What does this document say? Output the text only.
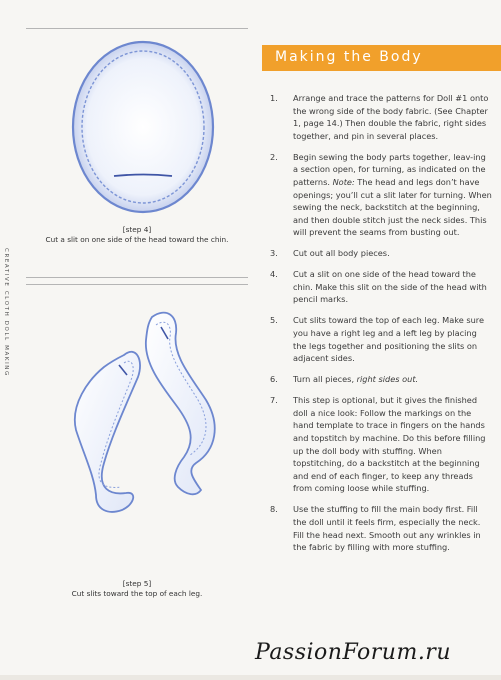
CREATIVE CLOTH DOLL MAKING
[step 4]
Cut a slit on one side of the head toward the chin.
[step 5]
Cut slits toward the top of each leg.
Making the Body
1. Arrange and trace the patterns for Doll #1 onto the wrong side of the body fabric. (See Chapter 1, page 14.) Then double the fabric, right sides together, and pin in several places.
2. Begin sewing the body parts together, leav-ing a section open, for turning, as indicated on the patterns. Note: The head and legs don’t have openings; you’ll cut a slit later for turning. When sewing the neck, backstitch at the beginning, and then double stitch just the neck sides. This will prevent the seams from busting out.
3. Cut out all body pieces.
4. Cut a slit on one side of the head toward the chin. Make this slit on the side of the head with pencil marks.
5. Cut slits toward the top of each leg. Make sure you have a right leg and a left leg by placing the legs together and positioning the slits on adjacent sides.
6. Turn all pieces, right sides out.
7. This step is optional, but it gives the finished doll a nice look: Follow the markings on the hand template to trace in fingers on the hands and topstitch by machine. Do this before filling up the doll body with stuffing. When topstitching, do a backstitch at the beginning and end of each finger, to keep any threads from coming loose while stuffing.
8. Use the stuffing to fill the main body first. Fill the doll until it feels firm, especially the neck. Fill the head next. Smooth out any wrinkles in the fabric by filling with more stuffing.
PassionForum.ru
